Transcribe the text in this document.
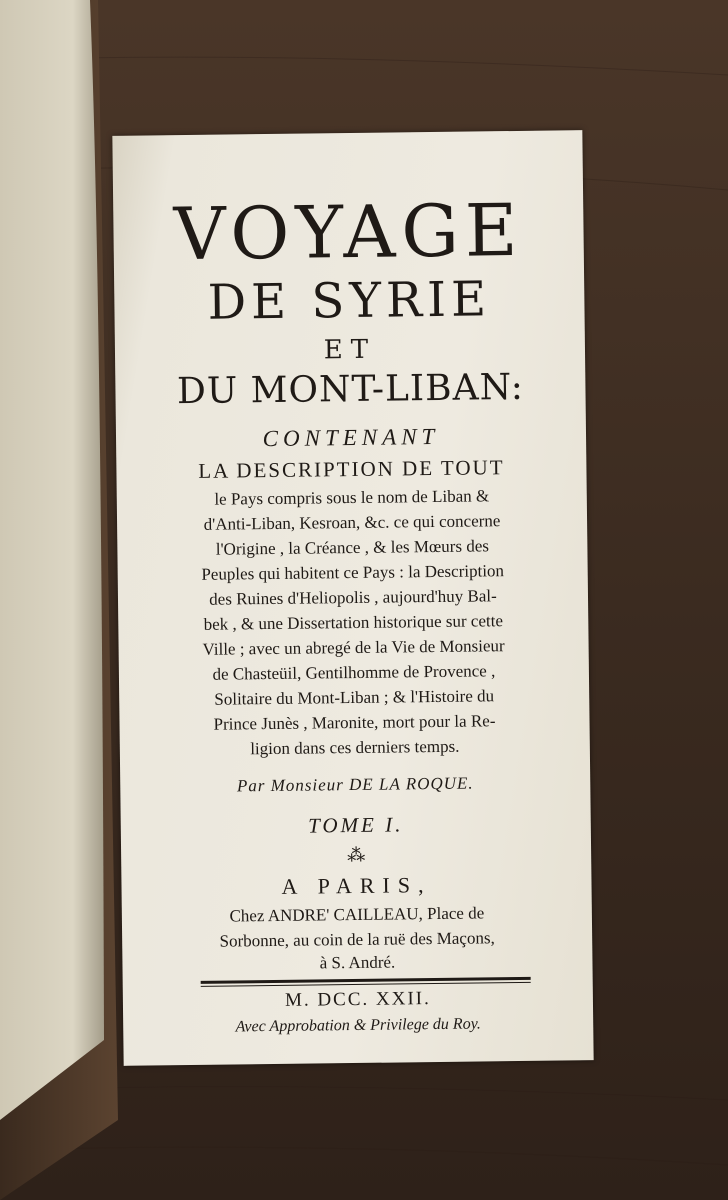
VOYAGE
DE SYRIE
ET
DU MONT-LIBAN:
CONTENANT
LA DESCRIPTION DE TOUT
le Pays compris sous le nom de Liban &
d'Anti-Liban, Kesroan, &c. ce qui concerne
l'Origine , la Créance , & les Mœurs des
Peuples qui habitent ce Pays : la Description
des Ruines d'Heliopolis , aujourd'huy Bal-
bek , & une Dissertation historique sur cette
Ville ; avec un abregé de la Vie de Monsieur
de Chasteüil, Gentilhomme de Provence ,
Solitaire du Mont-Liban ; & l'Histoire du
Prince Junès , Maronite, mort pour la Re-
ligion dans ces derniers temps.
Par Monsieur DE LA ROQUE.
TOME I.
⁂
A PARIS,
Chez ANDRE' CAILLEAU, Place de
Sorbonne, au coin de la ruë des Maçons,
à S. André.
M. DCC. XXII.
Avec Approbation & Privilege du Roy.
